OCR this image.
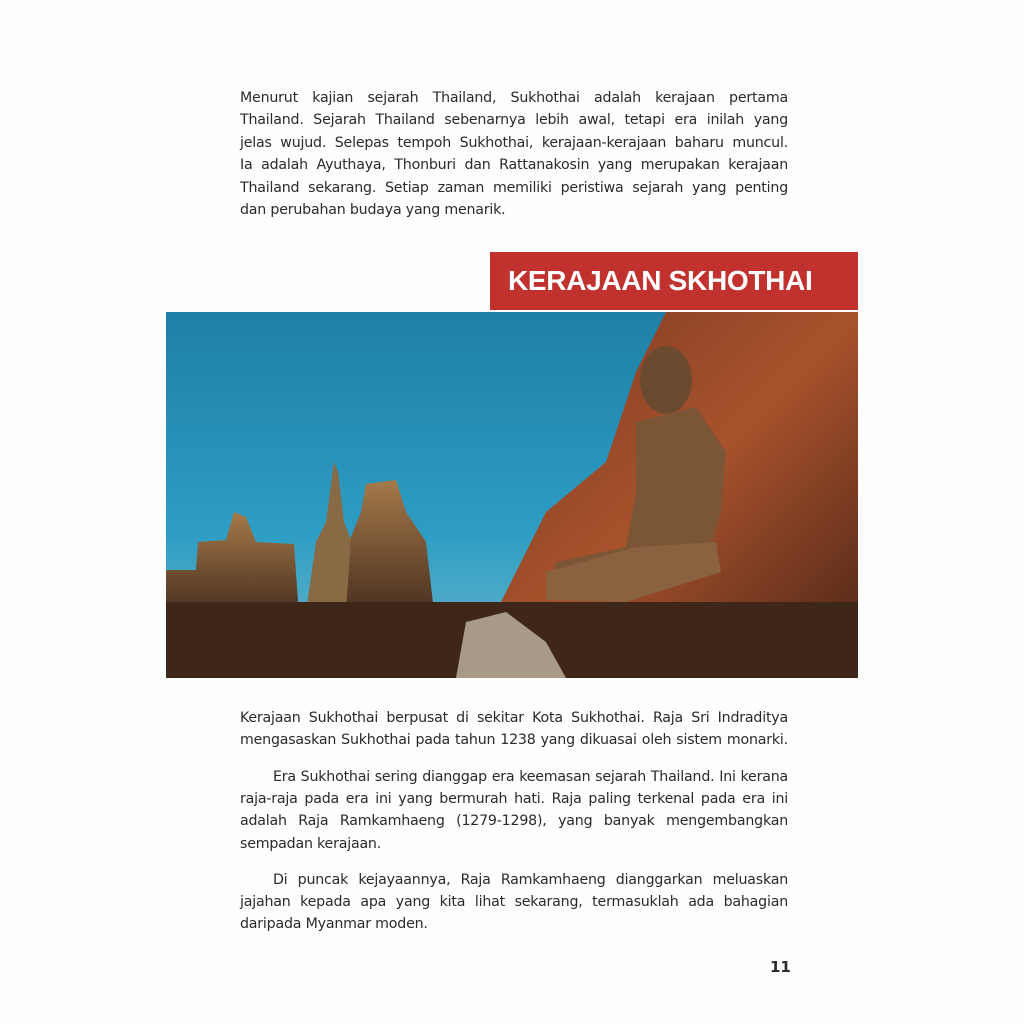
Menurut kajian sejarah Thailand, Sukhothai adalah kerajaan pertama
Thailand. Sejarah Thailand sebenarnya lebih awal, tetapi era inilah yang
jelas wujud. Selepas tempoh Sukhothai, kerajaan-kerajaan baharu muncul.
Ia adalah Ayuthaya, Thonburi dan Rattanakosin yang merupakan kerajaan
Thailand sekarang. Setiap zaman memiliki peristiwa sejarah yang penting
dan perubahan budaya yang menarik.
KERAJAAN SKHOTHAI
Kerajaan Sukhothai berpusat di sekitar Kota Sukhothai. Raja Sri Indraditya
mengasaskan Sukhothai pada tahun 1238 yang dikuasai oleh sistem monarki.
Era Sukhothai sering dianggap era keemasan sejarah Thailand. Ini kerana
raja-raja pada era ini yang bermurah hati. Raja paling terkenal pada era ini
adalah Raja Ramkamhaeng (1279-1298), yang banyak mengembangkan
sempadan kerajaan.
Di puncak kejayaannya, Raja Ramkamhaeng dianggarkan meluaskan
jajahan kepada apa yang kita lihat sekarang, termasuklah ada bahagian
daripada Myanmar moden.
11
